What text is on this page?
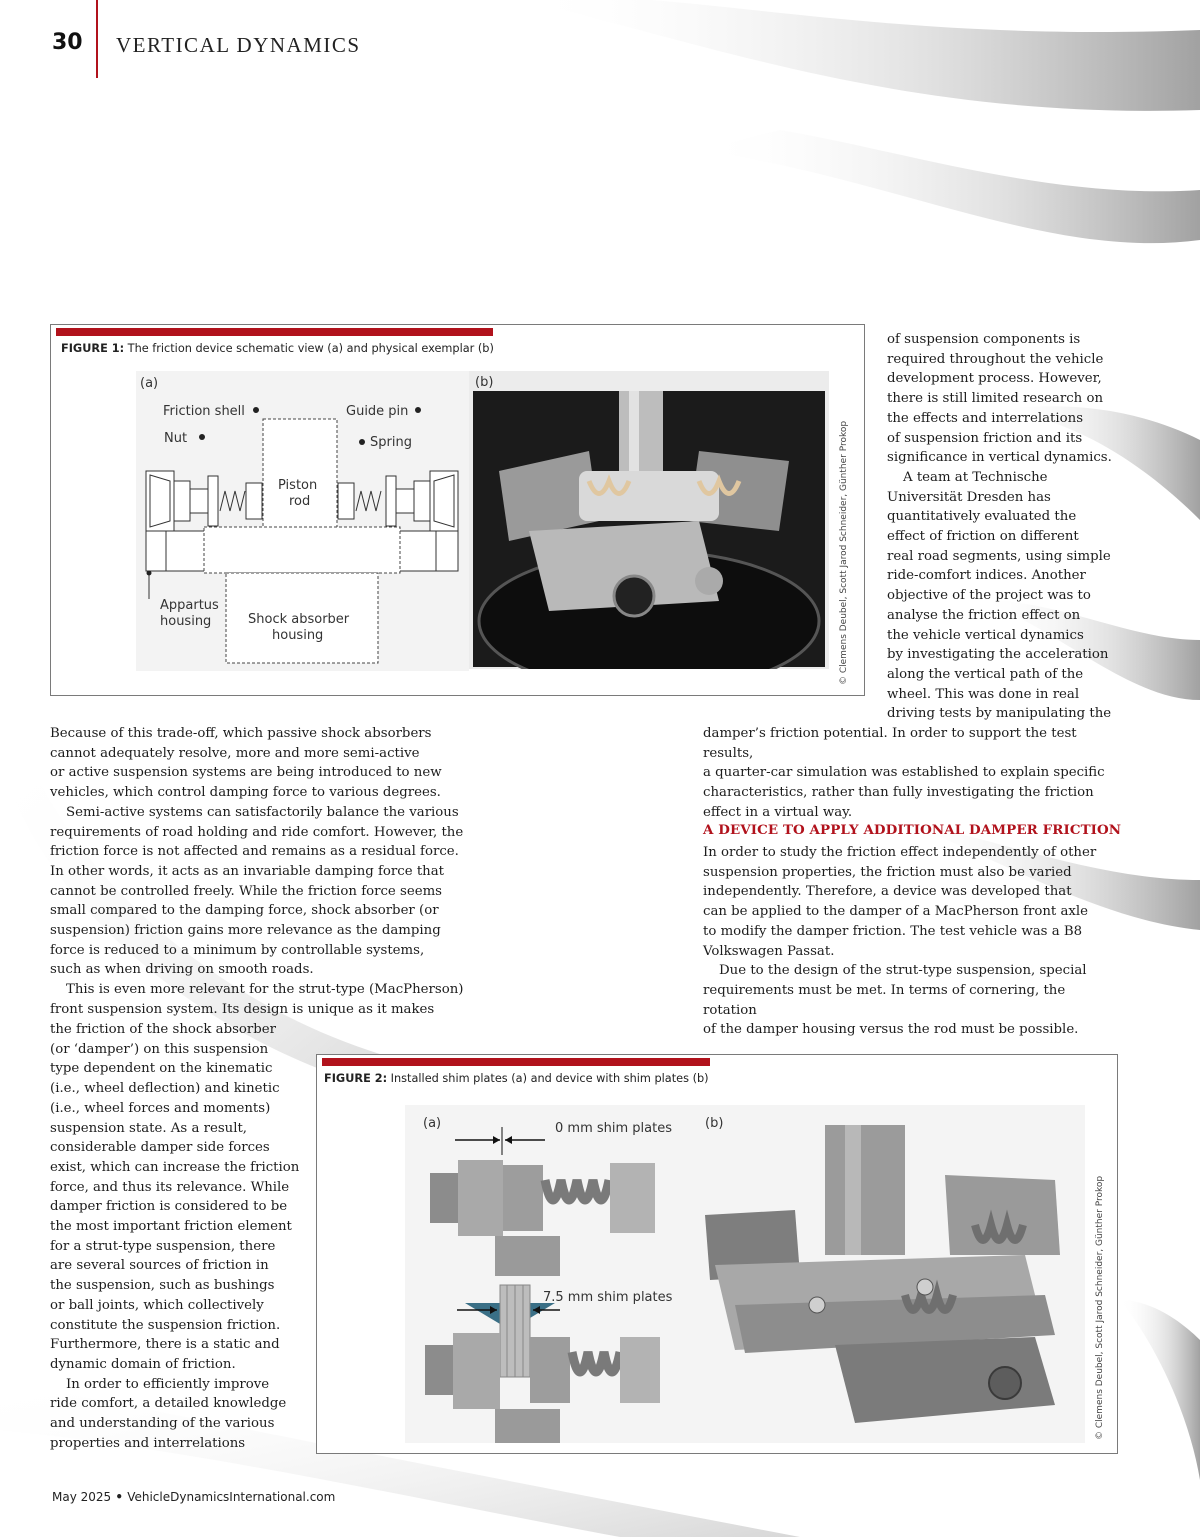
30 VERTICAL DYNAMICS
FIGURE 1: The friction device schematic view (a) and physical exemplar (b)
(a)
Friction shell
Nut
Guide pin
Spring
Piston
rod
Appartus
housing	Shock absorber
housing
(b)
© Clemens Deubel, Scott Jarod Schneider, Günther Prokop

of suspension components is

required throughout the vehicle

development process. However,

there is still limited research on

the effects and interrelations

of suspension friction and its

significance in vertical dynamics.

A team at Technische

Universität Dresden has

quantitatively evaluated the

effect of friction on different

real road segments, using simple

ride-comfort indices. Another

objective of the project was to

analyse the friction effect on

the vehicle vertical dynamics

by investigating the acceleration

along the vertical path of the

wheel. This was done in real

driving tests by manipulating the

damper’s friction potential. In order to support the test results,

a quarter-car simulation was established to explain specific

characteristics, rather than fully investigating the friction

effect in a virtual way.

A DEVICE TO APPLY ADDITIONAL DAMPER FRICTION

In order to study the friction effect independently of other

suspension properties, the friction must also be varied

independently. Therefore, a device was developed that

can be applied to the damper of a MacPherson front axle

to modify the damper friction. The test vehicle was a B8

Volkswagen Passat.

Due to the design of the strut-type suspension, special

requirements must be met. In terms of cornering, the rotation

of the damper housing versus the rod must be possible.

Because of this trade-off, which passive shock absorbers

cannot adequately resolve, more and more semi-active

or active suspension systems are being introduced to new

vehicles, which control damping force to various degrees.

Semi-active systems can satisfactorily balance the various

requirements of road holding and ride comfort. However, the

friction force is not affected and remains as a residual force.

In other words, it acts as an invariable damping force that

cannot be controlled freely. While the friction force seems

small compared to the damping force, shock absorber (or

suspension) friction gains more relevance as the damping

force is reduced to a minimum by controllable systems,

such as when driving on smooth roads.

This is even more relevant for the strut-type (MacPherson)

front suspension system. Its design is unique as it makes

the friction of the shock absorber

(or ‘damper’) on this suspension

type dependent on the kinematic

(i.e., wheel deflection) and kinetic

(i.e., wheel forces and moments)

suspension state. As a result,

considerable damper side forces

exist, which can increase the friction

force, and thus its relevance. While

damper friction is considered to be

the most important friction element

for a strut-type suspension, there

are several sources of friction in

the suspension, such as bushings

or ball joints, which collectively

constitute the suspension friction.

Furthermore, there is a static and

dynamic domain of friction.

In order to efficiently improve

ride comfort, a detailed knowledge

and understanding of the various

properties and interrelations

FIGURE 2: Installed shim plates (a) and device with shim plates (b)
(a)	0 mm shim plates
7.5 mm shim plates
(b)
© Clemens Deubel, Scott Jarod Schneider, Günther Prokop
May 2025 • VehicleDynamicsInternational.com
